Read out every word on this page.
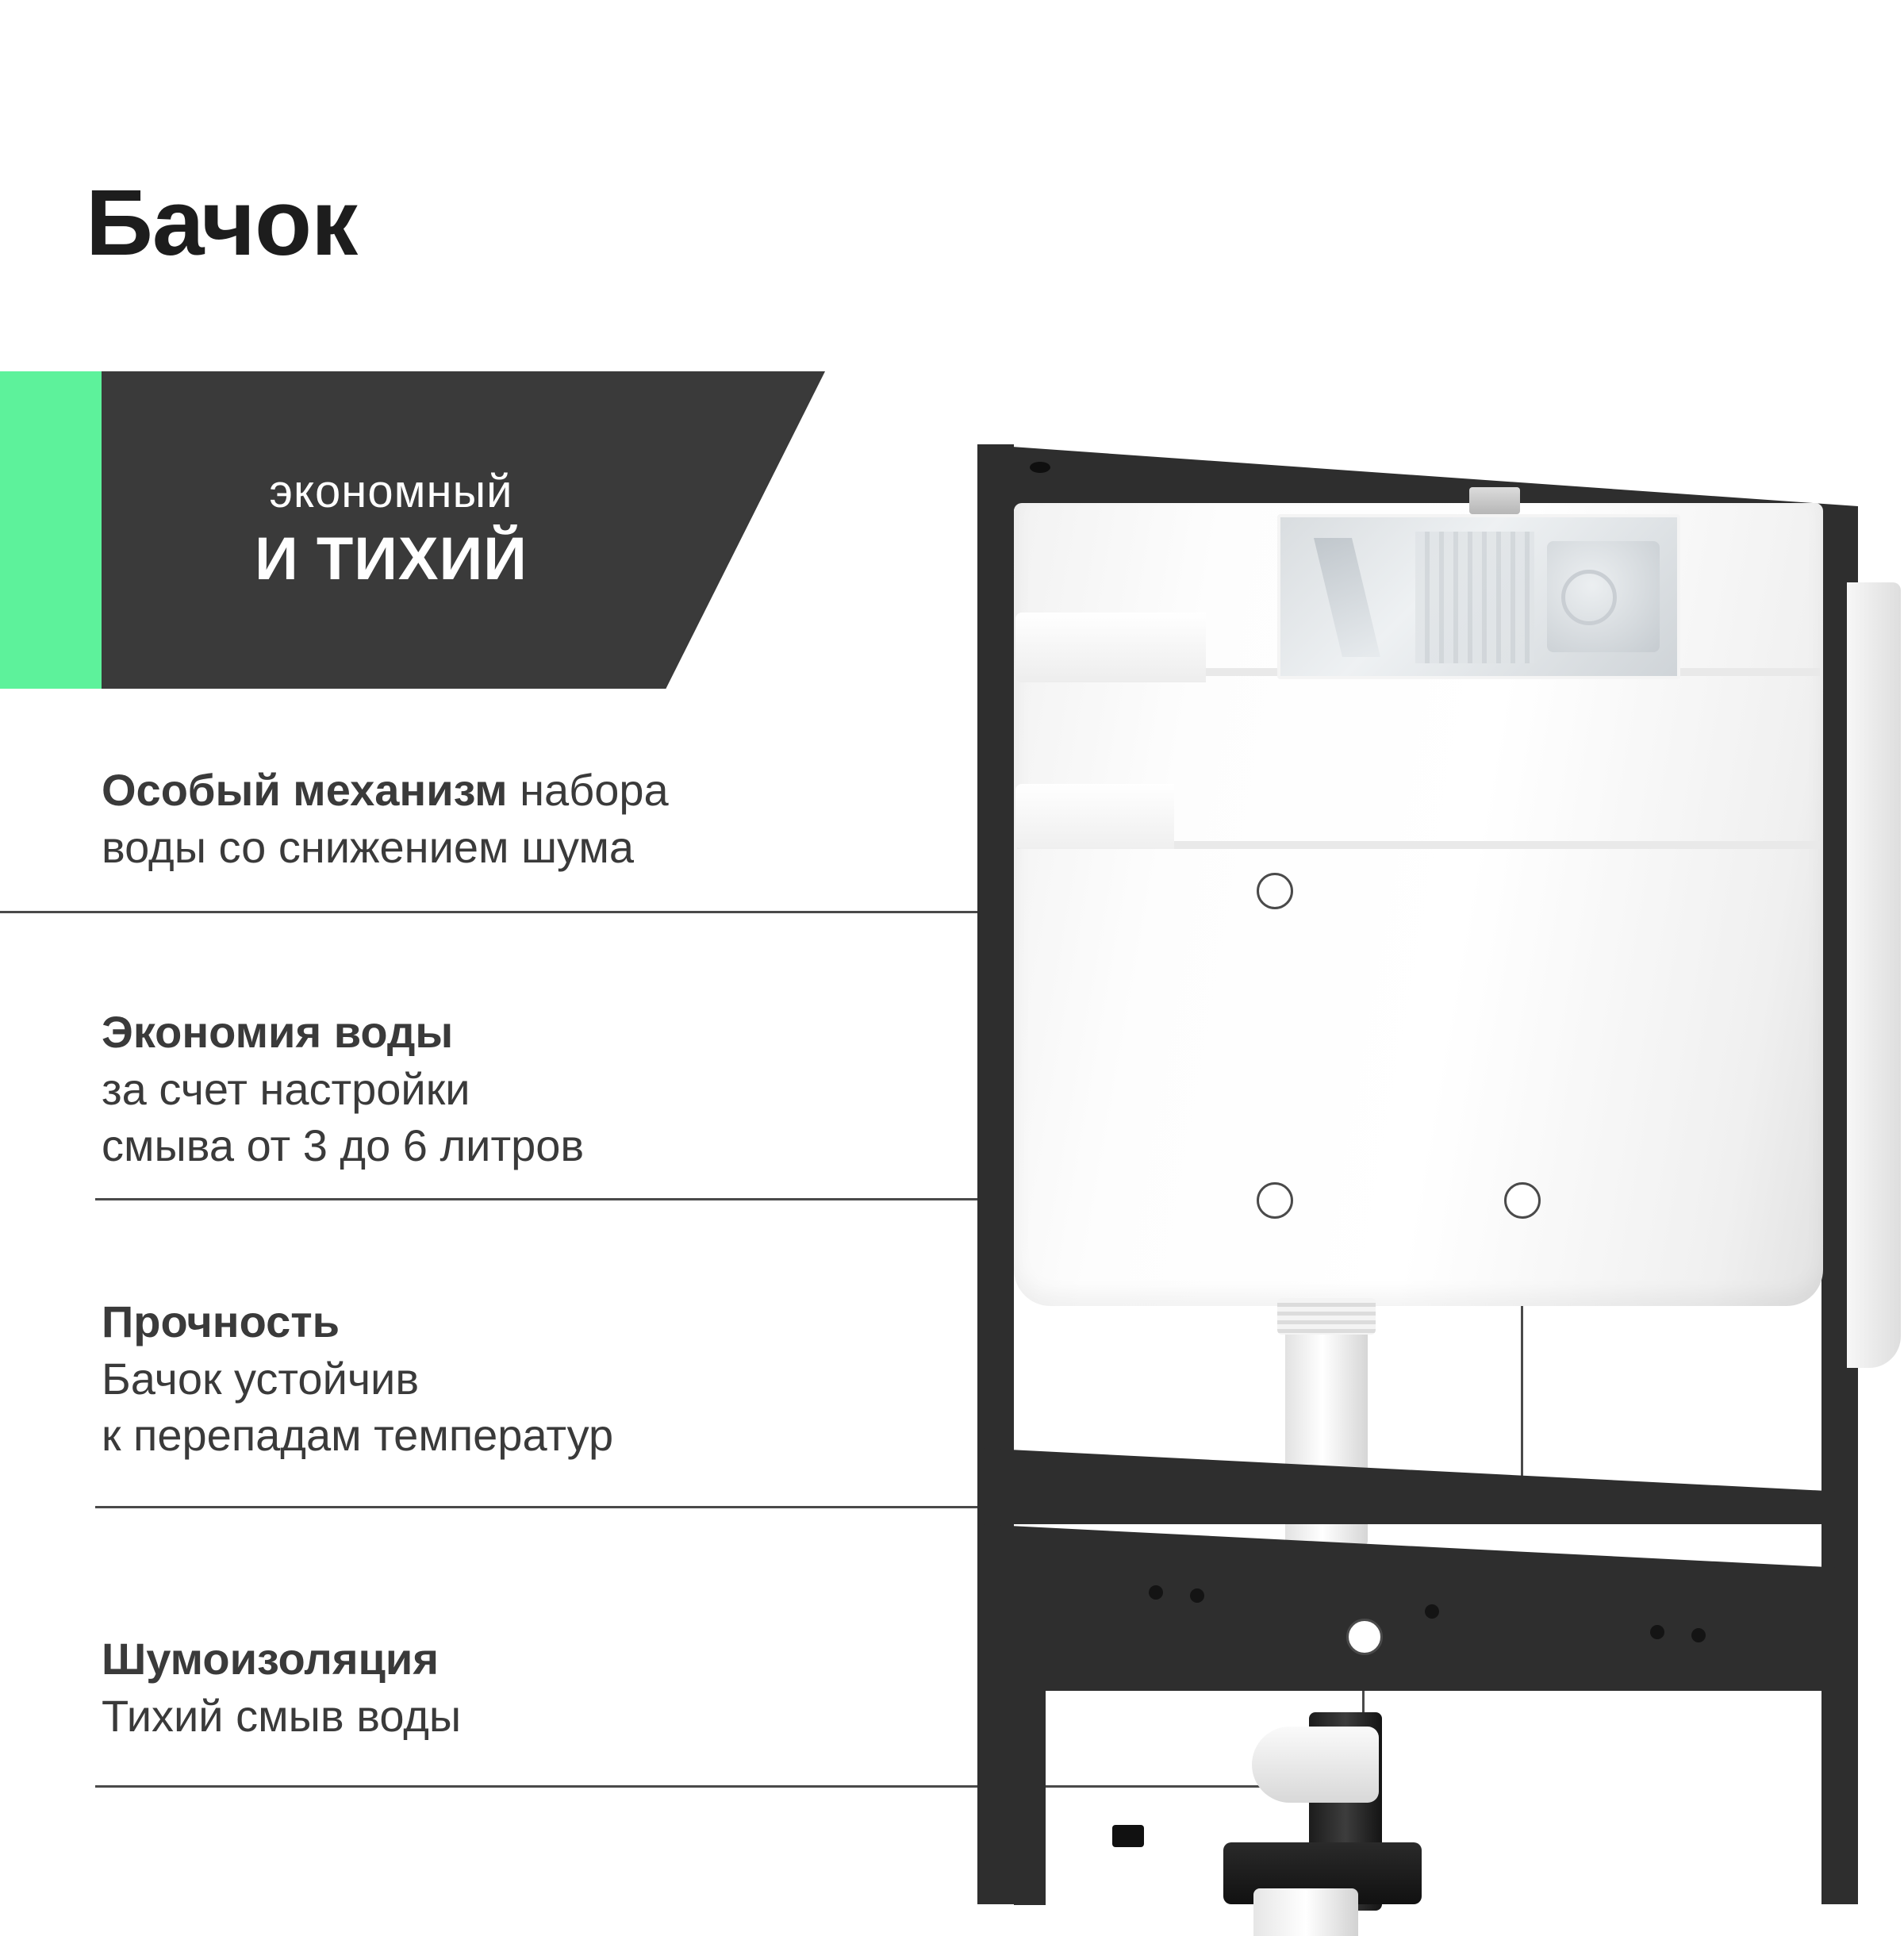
Бачок
экономный
И ТИХИЙ

Особый механизм набора
воды со снижением шума

Экономия воды
за счет настройки
смыва от 3 до 6 литров

Прочность
Бачок устойчив
к перепадам температур

Шумоизоляция
Тихий смыв воды
